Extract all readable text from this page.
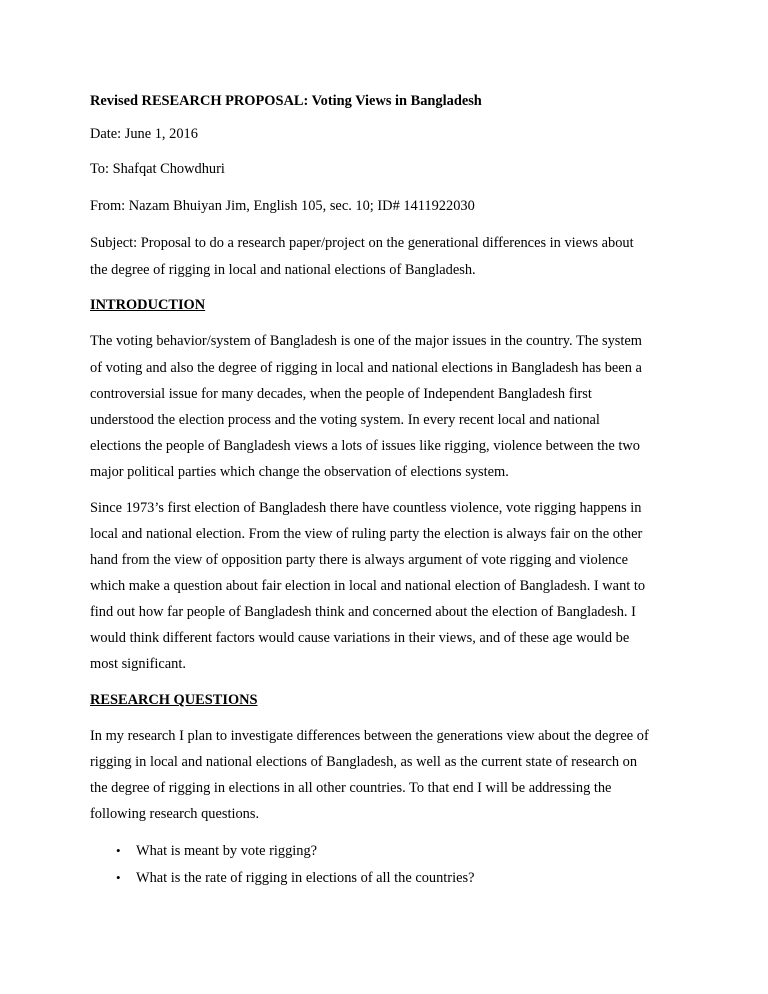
Revised RESEARCH PROPOSAL: Voting Views in Bangladesh
Date: June 1, 2016
To: Shafqat Chowdhuri
From: Nazam Bhuiyan Jim, English 105, sec. 10; ID# 1411922030
Subject: Proposal to do a research paper/project on the generational differences in views about
the degree of rigging in local and national elections of Bangladesh.
INTRODUCTION
The voting behavior/system of Bangladesh is one of the major issues in the country. The system
of voting and also the degree of rigging in local and national elections in Bangladesh has been a
controversial issue for many decades, when the people of Independent Bangladesh first
understood the election process and the voting system. In every recent local and national
elections the people of Bangladesh views a lots of issues like rigging, violence between the two
major political parties which change the observation of elections system.
Since 1973’s first election of Bangladesh there have countless violence, vote rigging happens in
local and national election. From the view of ruling party the election is always fair on the other
hand from the view of opposition party there is always argument of vote rigging and violence
which make a question about fair election in local and national election of Bangladesh. I want to
find out how far people of Bangladesh think and concerned about the election of Bangladesh. I
would think different factors would cause variations in their views, and of these age would be
most significant.
RESEARCH QUESTIONS
In my research I plan to investigate differences between the generations view about the degree of
rigging in local and national elections of Bangladesh, as well as the current state of research on
the degree of rigging in elections in all other countries. To that end I will be addressing the
following research questions.
• What is meant by vote rigging?
• What is the rate of rigging in elections of all the countries?
